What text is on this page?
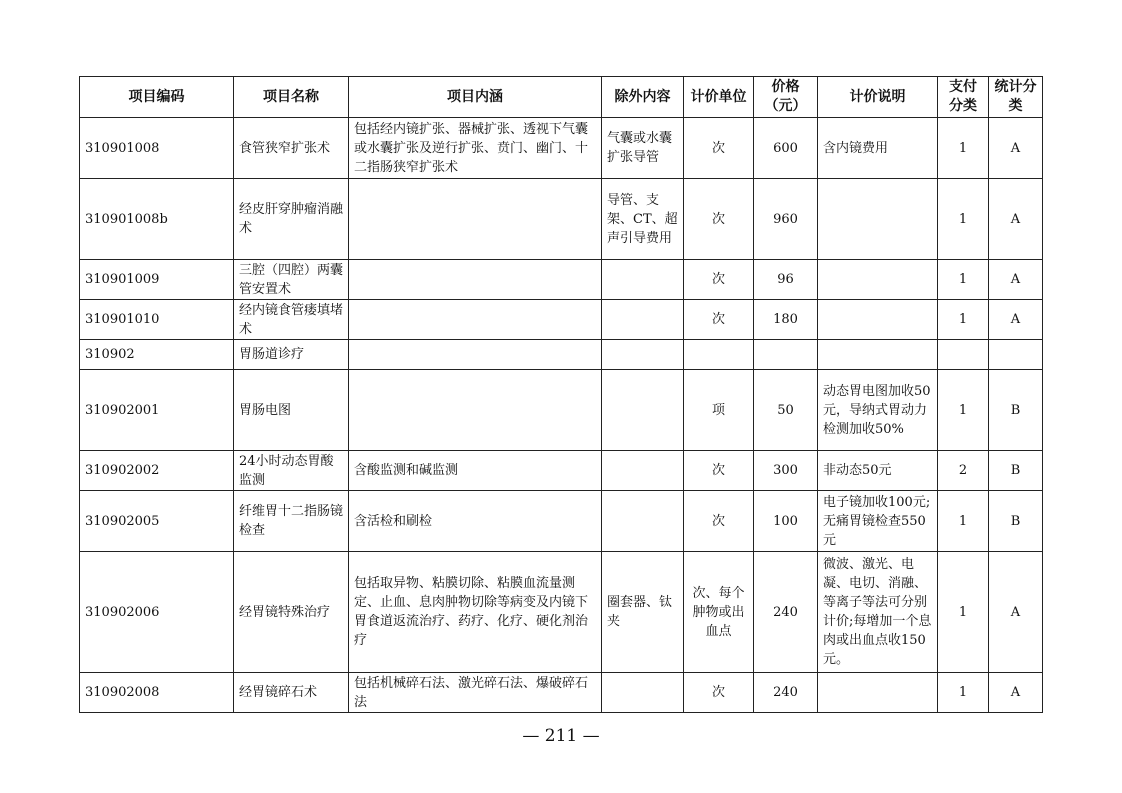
项目编码	项目名称	项目内涵	除外内容	计价单位	价格（元）	计价说明	支付分类	统计分类
310901008	食管狭窄扩张术	包括经内镜扩张、器械扩张、透视下气囊或水囊扩张及逆行扩张、贲门、幽门、十二指肠狭窄扩张术	气囊或水囊扩张导管	次	600	含内镜费用	1	A
310901008b	经皮肝穿肿瘤消融术		导管、支架、CT、超声引导费用	次	960		1	A
310901009	三腔（四腔）两囊管安置术			次	96		1	A
310901010	经内镜食管瘘填堵术			次	180		1	A
310902	胃肠道诊疗							
310902001	胃肠电图			项	50	动态胃电图加收50元，导纳式胃动力检测加收50%	1	B
310902002	24小时动态胃酸监测	含酸监测和碱监测		次	300	非动态50元	2	B
310902005	纤维胃十二指肠镜检查	含活检和刷检		次	100	电子镜加收100元;无痛胃镜检查550元	1	B
310902006	经胃镜特殊治疗	包括取异物、粘膜切除、粘膜血流量测定、止血、息肉肿物切除等病变及内镜下胃食道返流治疗、药疗、化疗、硬化剂治疗	圈套器、钛夹	次、每个肿物或出血点	240	微波、激光、电凝、电切、消融、等离子等法可分别计价;每增加一个息肉或出血点收150元。	1	A
310902008	经胃镜碎石术	包括机械碎石法、激光碎石法、爆破碎石法		次	240		1	A
— 211 —
